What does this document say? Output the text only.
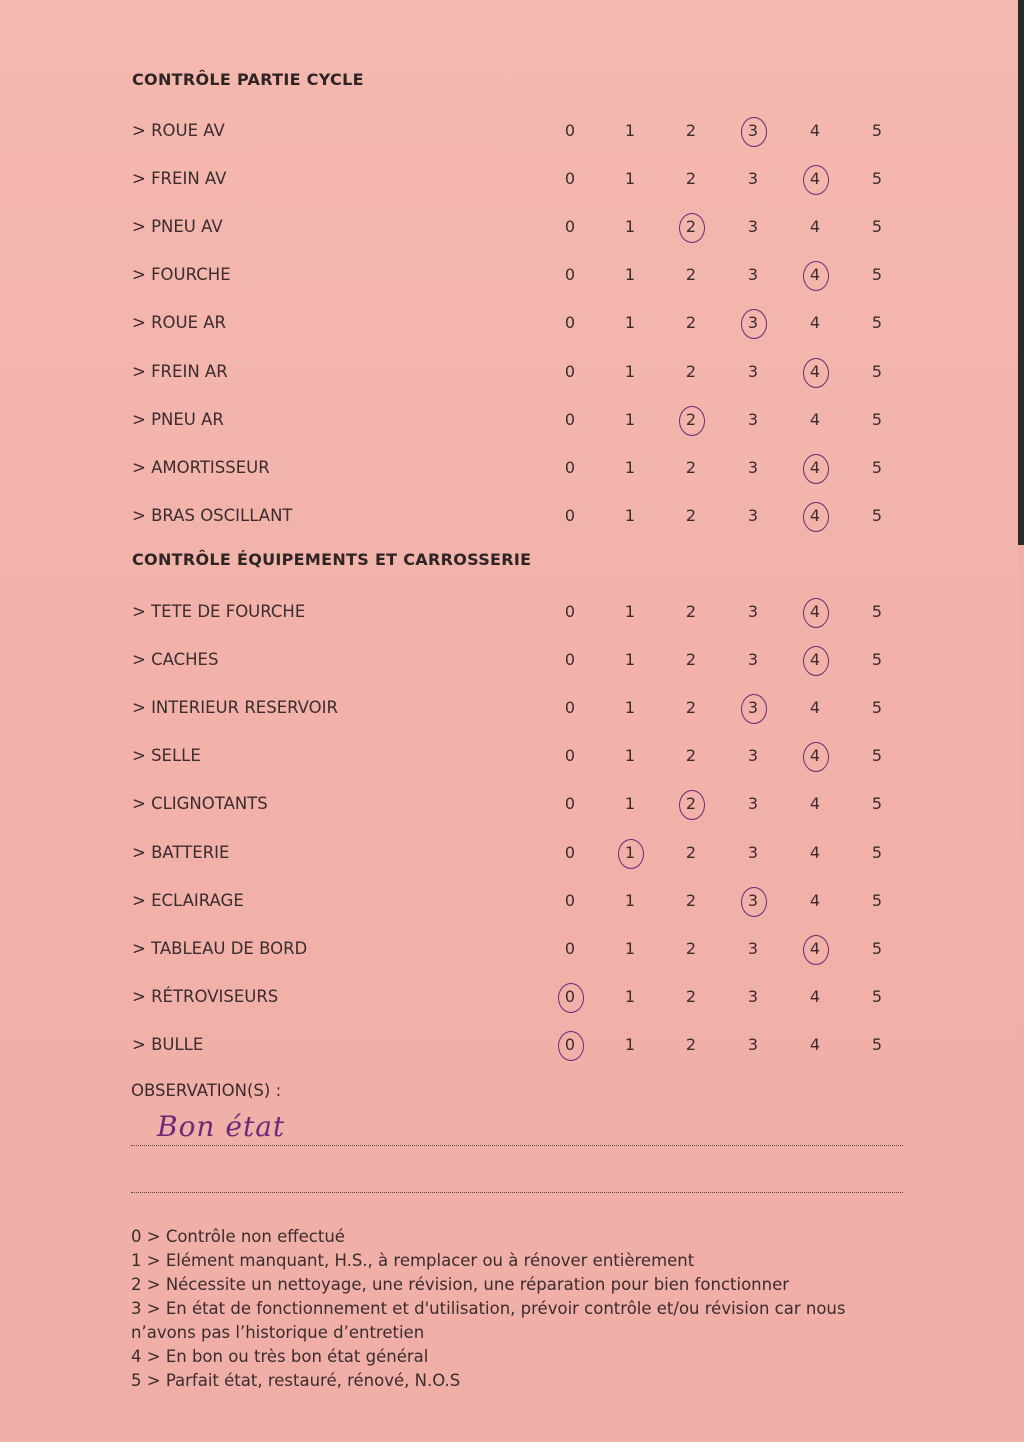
CONTRÔLE PARTIE CYCLE
> ROUE AV	0	1	2	3	4	5
> FREIN AV	0	1	2	3	4	5
> PNEU AV	0	1	2	3	4	5
> FOURCHE	0	1	2	3	4	5
> ROUE AR	0	1	2	3	4	5
> FREIN AR	0	1	2	3	4	5
> PNEU AR	0	1	2	3	4	5
> AMORTISSEUR	0	1	2	3	4	5
> BRAS OSCILLANT	0	1	2	3	4	5
CONTRÔLE ÉQUIPEMENTS ET CARROSSERIE
> TETE DE FOURCHE	0	1	2	3	4	5
> CACHES	0	1	2	3	4	5
> INTERIEUR RESERVOIR	0	1	2	3	4	5
> SELLE	0	1	2	3	4	5
> CLIGNOTANTS	0	1	2	3	4	5
> BATTERIE	0	1	2	3	4	5
> ECLAIRAGE	0	1	2	3	4	5
> TABLEAU DE BORD	0	1	2	3	4	5
> RÉTROVISEURS	0	1	2	3	4	5
> BULLE	0	1	2	3	4	5
OBSERVATION(S) :
Bon état
0 > Contrôle non effectué
1 > Elément manquant, H.S., à remplacer ou à rénover entièrement
2 > Nécessite un nettoyage, une révision, une réparation pour bien fonctionner
3 > En état de fonctionnement et d'utilisation, prévoir contrôle et/ou révision car nous
n’avons pas l’historique d’entretien
4 > En bon ou très bon état général
5 > Parfait état, restauré, rénové, N.O.S
